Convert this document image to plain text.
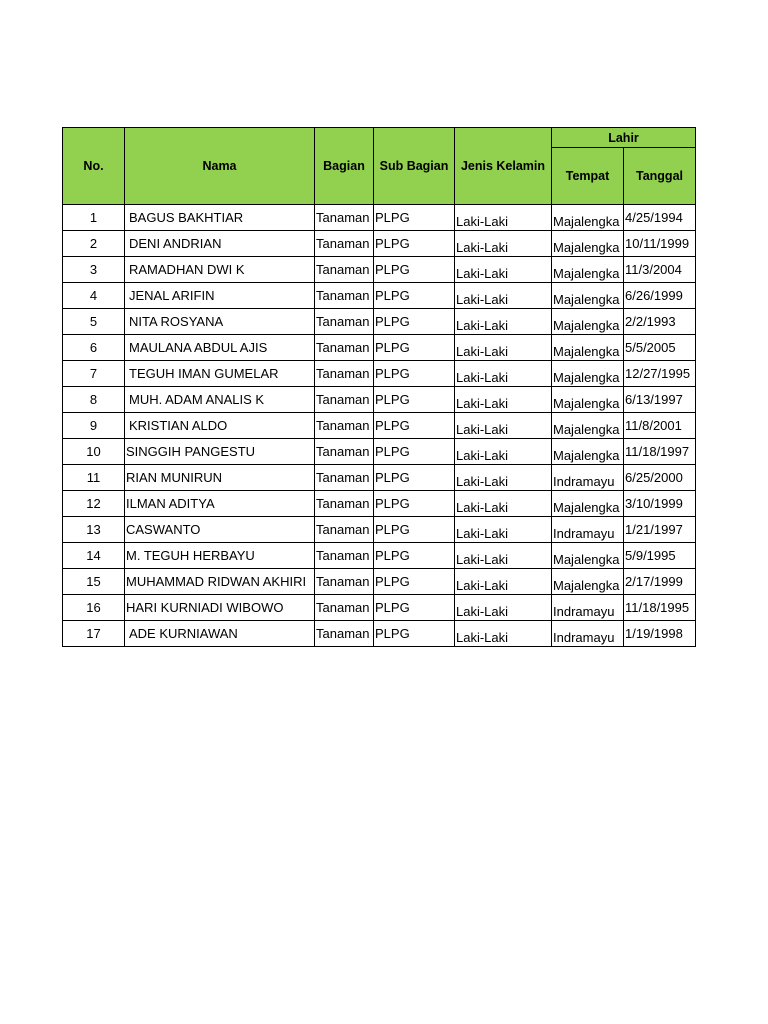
No.	Nama	Bagian	Sub Bagian	Jenis Kelamin	Lahir	
					Tempat	Tanggal
1	BAGUS BAKHTIAR	Tanaman	PLPG	Laki-Laki	Majalengka	4/25/1994
2	DENI ANDRIAN	Tanaman	PLPG	Laki-Laki	Majalengka	10/11/1999
3	RAMADHAN DWI K	Tanaman	PLPG	Laki-Laki	Majalengka	11/3/2004
4	JENAL ARIFIN	Tanaman	PLPG	Laki-Laki	Majalengka	6/26/1999
5	NITA ROSYANA	Tanaman	PLPG	Laki-Laki	Majalengka	2/2/1993
6	MAULANA ABDUL AJIS	Tanaman	PLPG	Laki-Laki	Majalengka	5/5/2005
7	TEGUH IMAN GUMELAR	Tanaman	PLPG	Laki-Laki	Majalengka	12/27/1995
8	MUH. ADAM ANALIS K	Tanaman	PLPG	Laki-Laki	Majalengka	6/13/1997
9	KRISTIAN ALDO	Tanaman	PLPG	Laki-Laki	Majalengka	11/8/2001
10	SINGGIH PANGESTU	Tanaman	PLPG	Laki-Laki	Majalengka	11/18/1997
11	RIAN MUNIRUN	Tanaman	PLPG	Laki-Laki	Indramayu	6/25/2000
12	ILMAN ADITYA	Tanaman	PLPG	Laki-Laki	Majalengka	3/10/1999
13	CASWANTO	Tanaman	PLPG	Laki-Laki	Indramayu	1/21/1997
14	M. TEGUH HERBAYU	Tanaman	PLPG	Laki-Laki	Majalengka	5/9/1995
15	MUHAMMAD RIDWAN AKHIRI	Tanaman	PLPG	Laki-Laki	Majalengka	2/17/1999
16	HARI KURNIADI WIBOWO	Tanaman	PLPG	Laki-Laki	Indramayu	11/18/1995
17	ADE KURNIAWAN	Tanaman	PLPG	Laki-Laki	Indramayu	1/19/1998
